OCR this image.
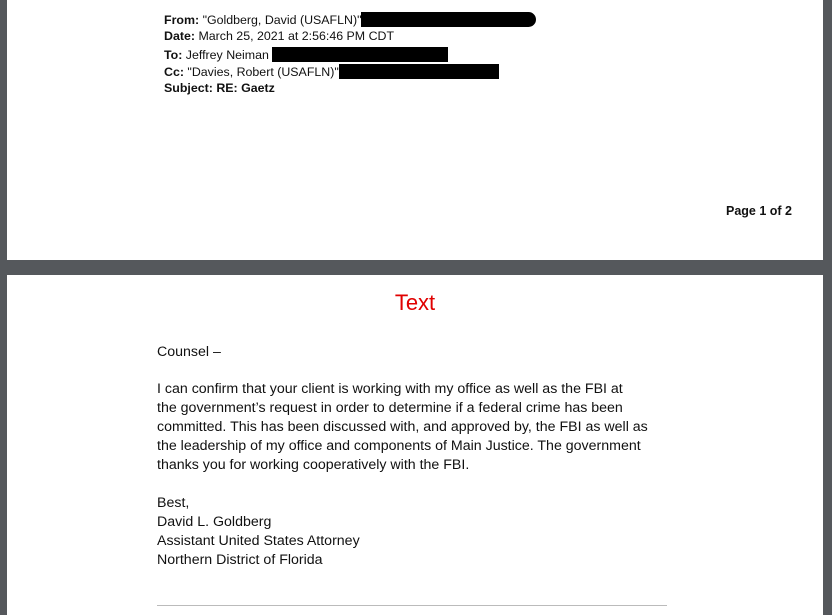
From: "Goldberg, David (USAFLN)"
Date: March 25, 2021 at 2:56:46 PM CDT
To: Jeffrey Neiman
Cc: "Davies, Robert (USAFLN)"
Subject: RE: Gaetz
Page 1 of 2
Text
Counsel –
I can confirm that your client is working with my office as well as the FBI at
the government’s request in order to determine if a federal crime has been
committed. This has been discussed with, and approved by, the FBI as well as
the leadership of my office and components of Main Justice. The government
thanks you for working cooperatively with the FBI.
Best,
David L. Goldberg
Assistant United States Attorney
Northern District of Florida
